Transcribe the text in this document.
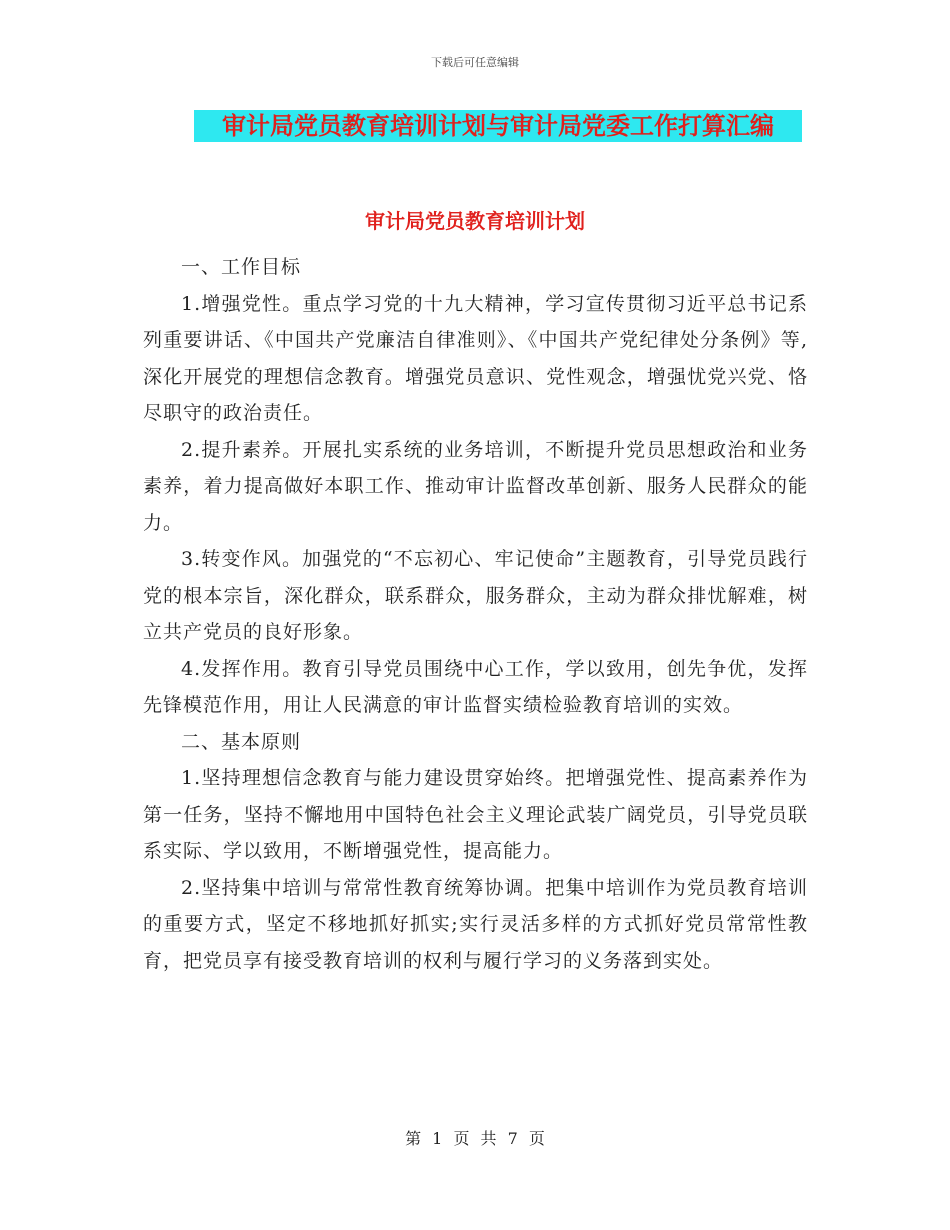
下载后可任意编辑
审计局党员教育培训计划与审计局党委工作打算汇编
审计局党员教育培训计划

一、工作目标

1.增强党性。重点学习党的十九大精神，学习宣传贯彻习近平总书记系列重要讲话、《中国共产党廉洁自律准则》、《中国共产党纪律处分条例》等,深化开展党的理想信念教育。增强党员意识、党性观念，增强忧党兴党、恪尽职守的政治责任。

2.提升素养。开展扎实系统的业务培训，不断提升党员思想政治和业务素养，着力提高做好本职工作、推动审计监督改革创新、服务人民群众的能力。

3.转变作风。加强党的“不忘初心、牢记使命”主题教育，引导党员践行党的根本宗旨，深化群众，联系群众，服务群众，主动为群众排忧解难，树立共产党员的良好形象。

4.发挥作用。教育引导党员围绕中心工作，学以致用，创先争优，发挥先锋模范作用，用让人民满意的审计监督实绩检验教育培训的实效。

二、基本原则

1.坚持理想信念教育与能力建设贯穿始终。把增强党性、提高素养作为第一任务，坚持不懈地用中国特色社会主义理论武装广阔党员，引导党员联系实际、学以致用，不断增强党性，提高能力。

2.坚持集中培训与常常性教育统筹协调。把集中培训作为党员教育培训的重要方式，坚定不移地抓好抓实;实行灵活多样的方式抓好党员常常性教育，把党员享有接受教育培训的权利与履行学习的义务落到实处。

第 1 页 共 7 页
